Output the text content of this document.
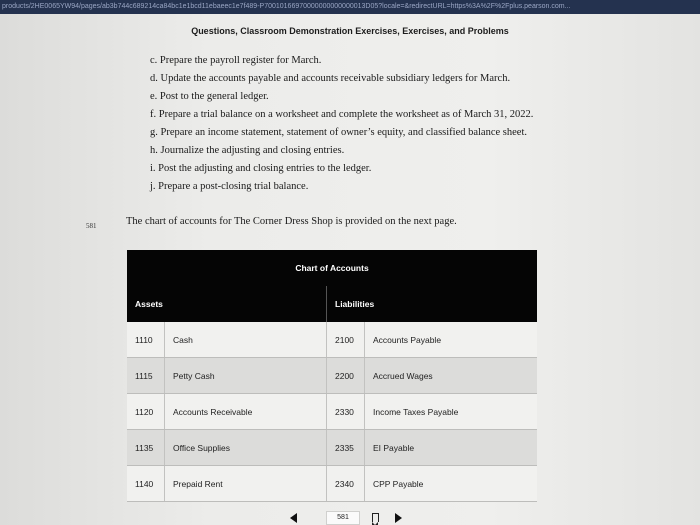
products/2HE0065YW94/pages/ab3b744c689214ca84bc1e1bcd11ebaeec1e7f489-P70010166970000000000000013D05?locale=&redirectURL=https%3A%2F%2Fplus.pearson.com...
Questions, Classroom Demonstration Exercises, Exercises, and Problems
c. Prepare the payroll register for March.
d. Update the accounts payable and accounts receivable subsidiary ledgers for March.
e. Post to the general ledger.
f. Prepare a trial balance on a worksheet and complete the worksheet as of March 31, 2022.
g. Prepare an income statement, statement of owner’s equity, and classified balance sheet.
h. Journalize the adjusting and closing entries.
i. Post the adjusting and closing entries to the ledger.
j. Prepare a post-closing trial balance.
581	The chart of accounts for The Corner Dress Shop is provided on the next page.
Chart of Accounts			
Assets		Liabilities	
1110	Cash	2100	Accounts Payable
1115	Petty Cash	2200	Accrued Wages
1120	Accounts Receivable	2330	Income Taxes Payable
1135	Office Supplies	2335	EI Payable
1140	Prepaid Rent	2340	CPP Payable
581
